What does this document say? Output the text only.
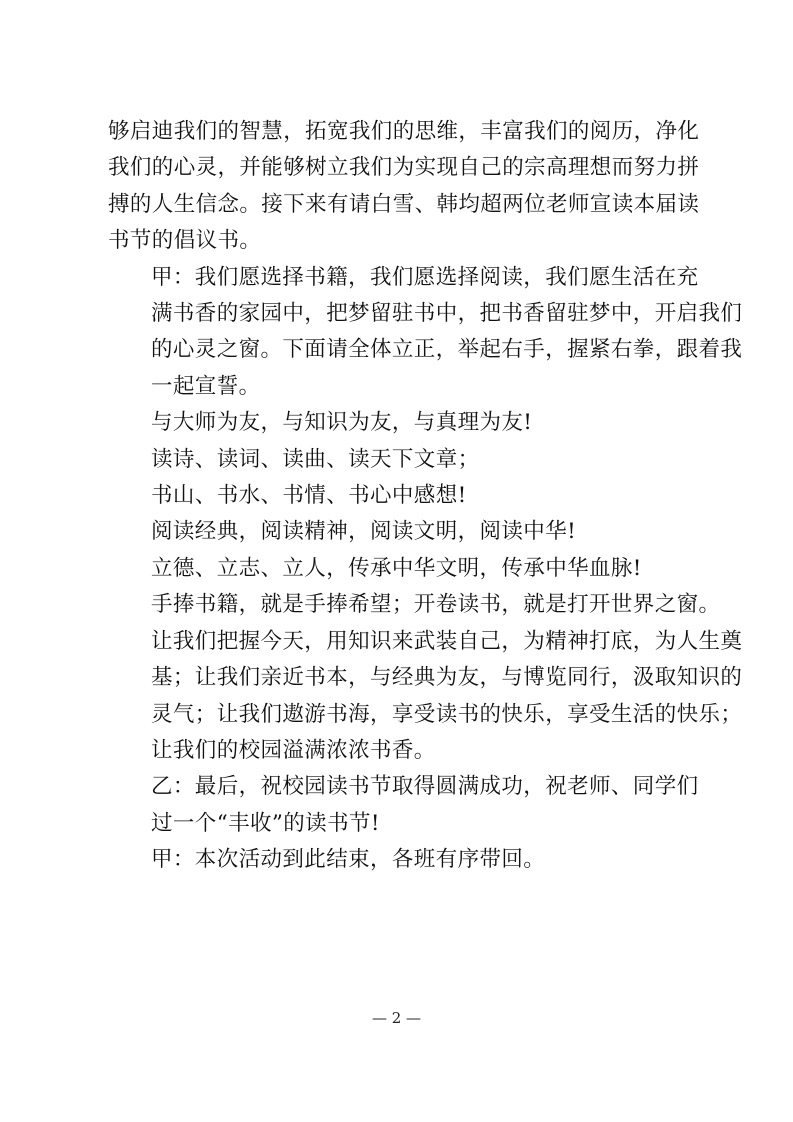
够启迪我们的智慧，拓宽我们的思维，丰富我们的阅历，净化
我们的心灵，并能够树立我们为实现自己的宗高理想而努力拼
搏的人生信念。接下来有请白雪、韩均超两位老师宣读本届读
书节的倡议书。

甲：我们愿选择书籍，我们愿选择阅读，我们愿生活在充
满书香的家园中，把梦留驻书中，把书香留驻梦中，开启我们
的心灵之窗。下面请全体立正，举起右手，握紧右拳，跟着我
一起宣誓。

与大师为友，与知识为友，与真理为友!

读诗、读词、读曲、读天下文章；

书山、书水、书情、书心中感想!

阅读经典，阅读精神，阅读文明，阅读中华!

立德、立志、立人，传承中华文明，传承中华血脉!

手捧书籍，就是手捧希望；开卷读书，就是打开世界之窗。
让我们把握今天，用知识来武装自己，为精神打底，为人生奠
基；让我们亲近书本，与经典为友，与博览同行，汲取知识的
灵气；让我们遨游书海，享受读书的快乐，享受生活的快乐；
让我们的校园溢满浓浓书香。

乙：最后，祝校园读书节取得圆满成功，祝老师、同学们
过一个“丰收”的读书节!

甲：本次活动到此结束，各班有序带回。

— 2 —
